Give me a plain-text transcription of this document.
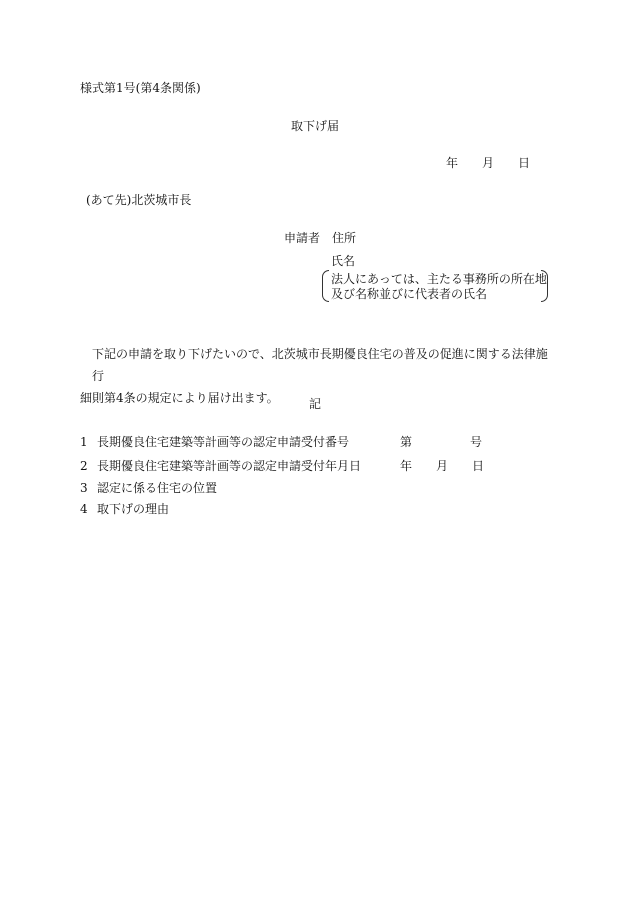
様式第1号(第4条関係)
取下げ届
年 月 日
(あて先)北茨城市長
申請者 住所
氏名
法人にあっては、主たる事務所の所在地
及び名称並びに代表者の氏名

下記の申請を取り下げたいので、北茨城市長期優良住宅の普及の促進に関する法律施行

細則第4条の規定により届け出ます。	記
1 長期優良住宅建築等計画等の認定申請受付番号	第	号
2 長期優良住宅建築等計画等の認定申請受付年月日	年 月 日
3 認定に係る住宅の位置
4 取下げの理由
